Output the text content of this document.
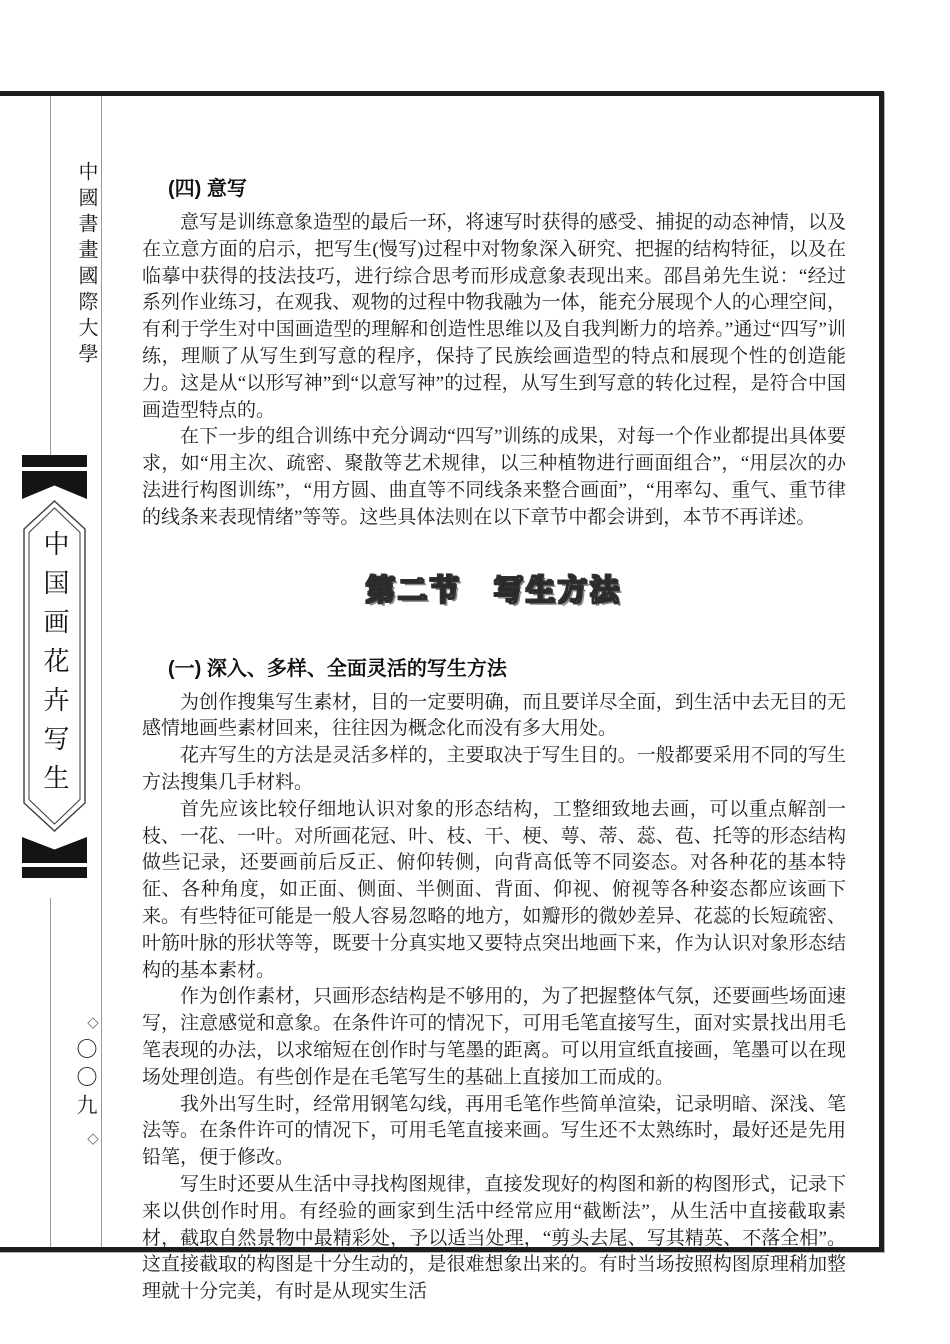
中國書畫國際大學
中国画花卉写生
◇
〇〇九
◇
(四) 意写

意写是训练意象造型的最后一环，将速写时获得的感受、捕捉的动态神情，以及在立意方面的启示，把写生(慢写)过程中对物象深入研究、把握的结构特征，以及在临摹中获得的技法技巧，进行综合思考而形成意象表现出来。邵昌弟先生说：“经过系列作业练习，在观我、观物的过程中物我融为一体，能充分展现个人的心理空间，有利于学生对中国画造型的理解和创造性思维以及自我判断力的培养。”通过“四写”训练，理顺了从写生到写意的程序，保持了民族绘画造型的特点和展现个性的创造能力。这是从“以形写神”到“以意写神”的过程，从写生到写意的转化过程，是符合中国画造型特点的。

在下一步的组合训练中充分调动“四写”训练的成果，对每一个作业都提出具体要求，如“用主次、疏密、聚散等艺术规律，以三种植物进行画面组合”，“用层次的办法进行构图训练”，“用方圆、曲直等不同线条来整合画面”，“用率勾、重气、重节律的线条来表现情绪”等等。这些具体法则在以下章节中都会讲到，本节不再详述。

第二节　写生方法
(一) 深入、多样、全面灵活的写生方法

为创作搜集写生素材，目的一定要明确，而且要详尽全面，到生活中去无目的无感情地画些素材回来，往往因为概念化而没有多大用处。

花卉写生的方法是灵活多样的，主要取决于写生目的。一般都要采用不同的写生方法搜集几手材料。

首先应该比较仔细地认识对象的形态结构，工整细致地去画，可以重点解剖一枝、一花、一叶。对所画花冠、叶、枝、干、梗、萼、蒂、蕊、苞、托等的形态结构做些记录，还要画前后反正、俯仰转侧，向背高低等不同姿态。对各种花的基本特征、各种角度，如正面、侧面、半侧面、背面、仰视、俯视等各种姿态都应该画下来。有些特征可能是一般人容易忽略的地方，如瓣形的微妙差异、花蕊的长短疏密、叶筋叶脉的形状等等，既要十分真实地又要特点突出地画下来，作为认识对象形态结构的基本素材。

作为创作素材，只画形态结构是不够用的，为了把握整体气氛，还要画些场面速写，注意感觉和意象。在条件许可的情况下，可用毛笔直接写生，面对实景找出用毛笔表现的办法，以求缩短在创作时与笔墨的距离。可以用宣纸直接画，笔墨可以在现场处理创造。有些创作是在毛笔写生的基础上直接加工而成的。

我外出写生时，经常用钢笔勾线，再用毛笔作些简单渲染，记录明暗、深浅、笔法等。在条件许可的情况下，可用毛笔直接来画。写生还不太熟练时，最好还是先用铅笔，便于修改。

写生时还要从生活中寻找构图规律，直接发现好的构图和新的构图形式，记录下来以供创作时用。有经验的画家到生活中经常应用“截断法”，从生活中直接截取素材，截取自然景物中最精彩处，予以适当处理，“剪头去尾、写其精英、不落全相”。这直接截取的构图是十分生动的，是很难想象出来的。有时当场按照构图原理稍加整理就十分完美，有时是从现实生活
